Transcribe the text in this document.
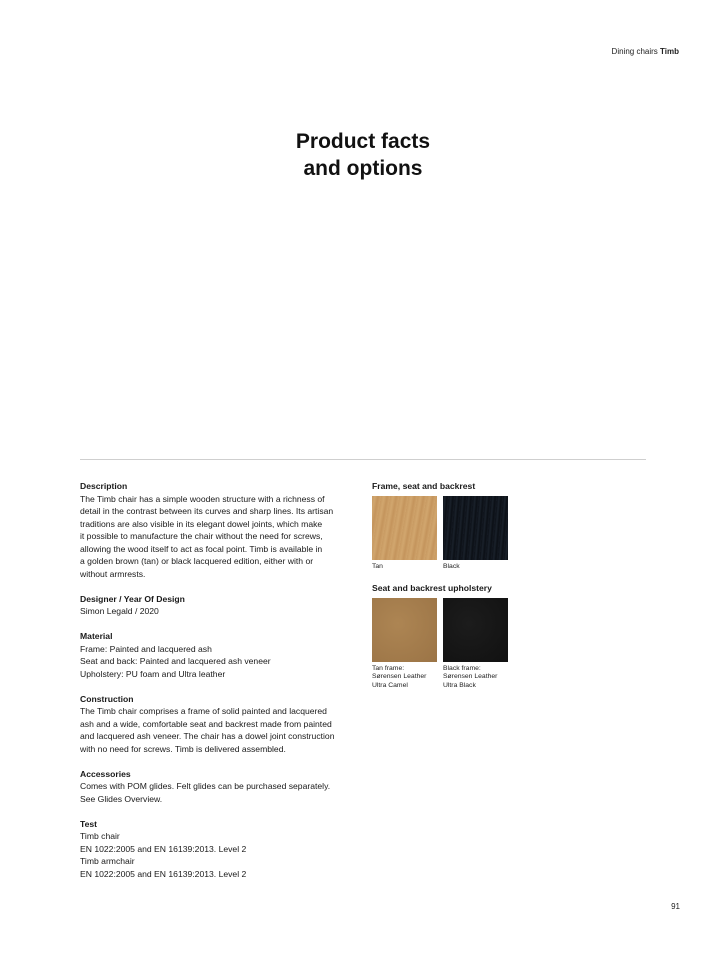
Dining chairs Timb
Product facts
and options
Description

The Timb chair has a simple wooden structure with a richness of
detail in the contrast between its curves and sharp lines. Its artisan
traditions are also visible in its elegant dowel joints, which make
it possible to manufacture the chair without the need for screws,
allowing the wood itself to act as focal point. Timb is available in
a golden brown (tan) or black lacquered edition, either with or
without armrests.

Designer / Year Of Design

Simon Legald / 2020

Material

Frame: Painted and lacquered ash
Seat and back: Painted and lacquered ash veneer
Upholstery: PU foam and Ultra leather

Construction

The Timb chair comprises a frame of solid painted and lacquered
ash and a wide, comfortable seat and backrest made from painted
and lacquered ash veneer. The chair has a dowel joint construction
with no need for screws. Timb is delivered assembled.

Accessories

Comes with POM glides. Felt glides can be purchased separately.
See Glides Overview.

Test

Timb chair
EN 1022:2005 and EN 16139:2013. Level 2
Timb armchair
EN 1022:2005 and EN 16139:2013. Level 2

Frame, seat and backrest
Tan	Black
Seat and backrest upholstery
Tan frame:
Sørensen Leather
Ultra Camel
Black frame:
Sørensen Leather
Ultra Black
91
